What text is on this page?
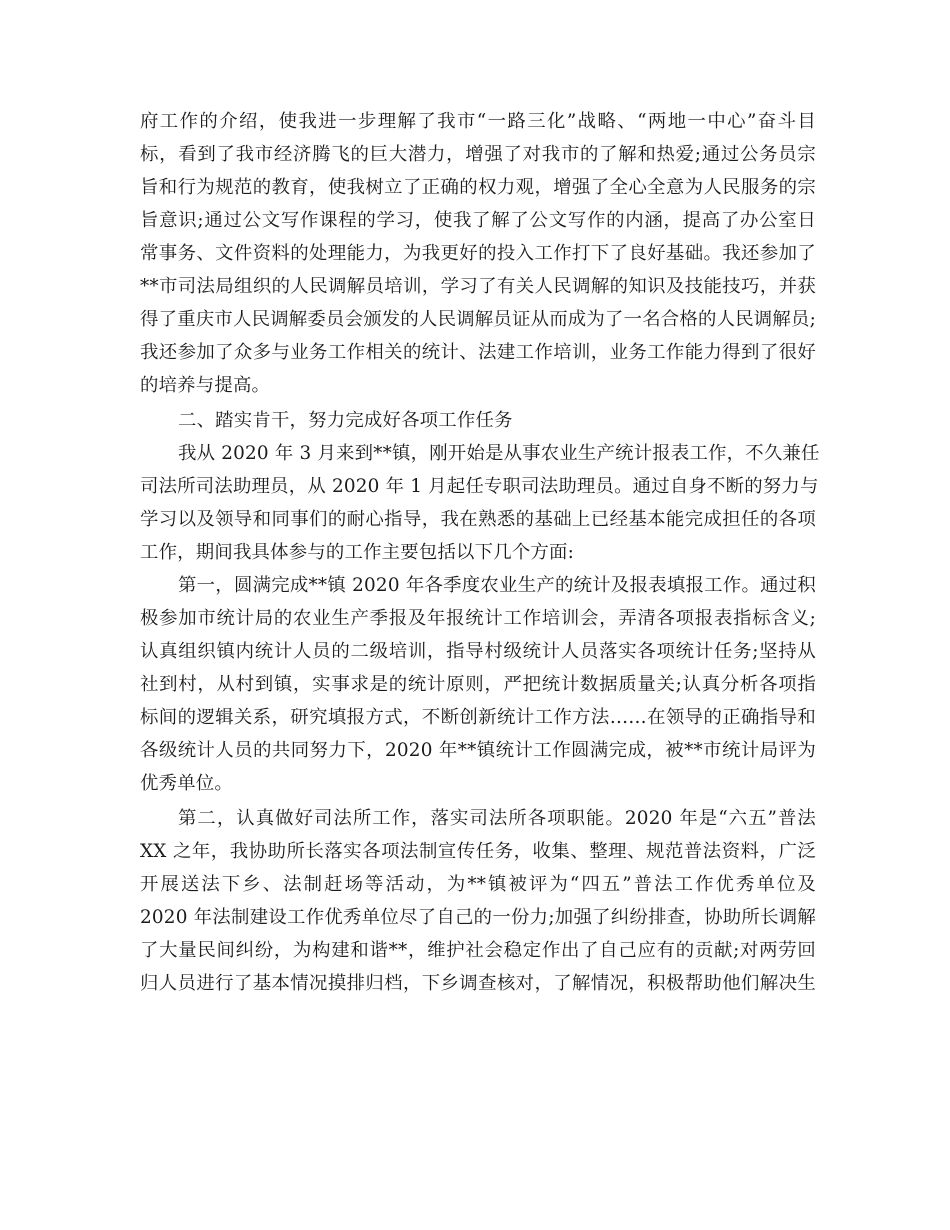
府工作的介绍，使我进一步理解了我市“一路三化”战略、“两地一中心”奋斗目
标，看到了我市经济腾飞的巨大潜力，增强了对我市的了解和热爱;通过公务员宗
旨和行为规范的教育，使我树立了正确的权力观，增强了全心全意为人民服务的宗
旨意识;通过公文写作课程的学习，使我了解了公文写作的内涵，提高了办公室日
常事务、文件资料的处理能力，为我更好的投入工作打下了良好基础。我还参加了
**市司法局组织的人民调解员培训，学习了有关人民调解的知识及技能技巧，并获
得了重庆市人民调解委员会颁发的人民调解员证从而成为了一名合格的人民调解员;
我还参加了众多与业务工作相关的统计、法建工作培训，业务工作能力得到了很好
的培养与提高。
二、踏实肯干，努力完成好各项工作任务
我从 2020 年 3 月来到**镇，刚开始是从事农业生产统计报表工作，不久兼任
司法所司法助理员，从 2020 年 1 月起任专职司法助理员。通过自身不断的努力与
学习以及领导和同事们的耐心指导，我在熟悉的基础上已经基本能完成担任的各项
工作，期间我具体参与的工作主要包括以下几个方面:
第一，圆满完成**镇 2020 年各季度农业生产的统计及报表填报工作。通过积
极参加市统计局的农业生产季报及年报统计工作培训会，弄清各项报表指标含义;
认真组织镇内统计人员的二级培训，指导村级统计人员落实各项统计任务;坚持从
社到村，从村到镇，实事求是的统计原则，严把统计数据质量关;认真分析各项指
标间的逻辑关系，研究填报方式，不断创新统计工作方法……在领导的正确指导和
各级统计人员的共同努力下，2020 年**镇统计工作圆满完成，被**市统计局评为
优秀单位。
第二，认真做好司法所工作，落实司法所各项职能。2020 年是“六五”普法
XX 之年，我协助所长落实各项法制宣传任务，收集、整理、规范普法资料，广泛
开展送法下乡、法制赶场等活动，为**镇被评为“四五”普法工作优秀单位及
2020 年法制建设工作优秀单位尽了自己的一份力;加强了纠纷排查，协助所长调解
了大量民间纠纷，为构建和谐**，维护社会稳定作出了自己应有的贡献;对两劳回
归人员进行了基本情况摸排归档，下乡调查核对，了解情况，积极帮助他们解决生
